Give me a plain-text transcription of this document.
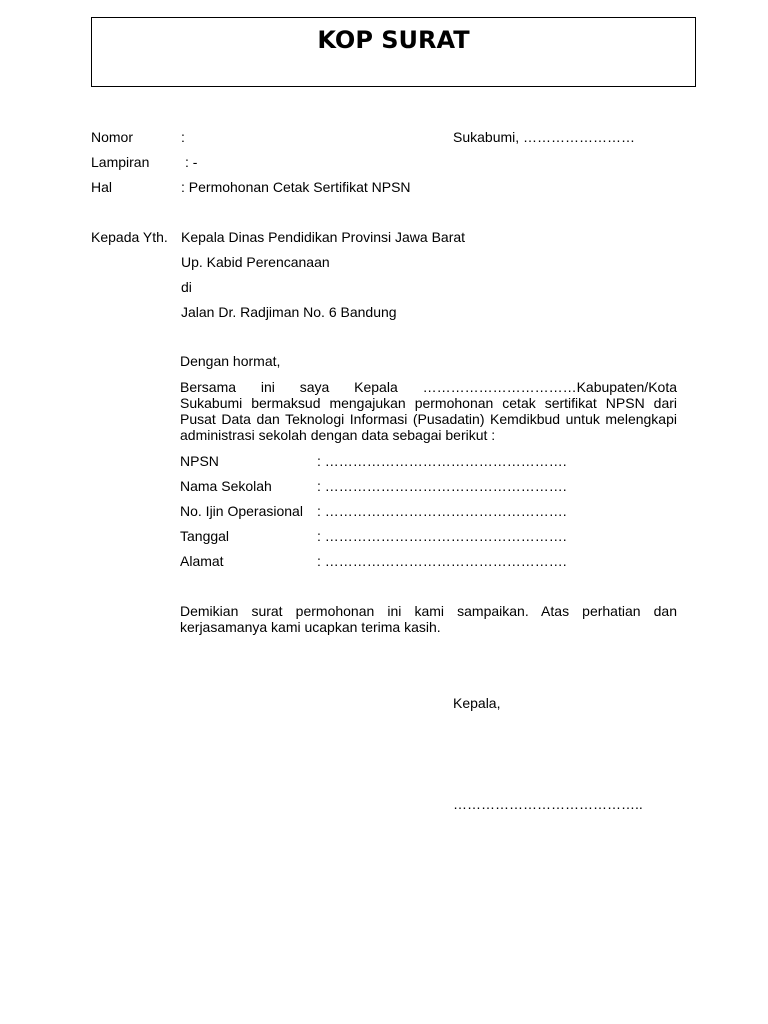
KOP SURAT
Nomor	:	Sukabumi, ……………………
Lampiran	: -
Hal	: Permohonan Cetak Sertifikat NPSN
Kepada Yth. Kepala Dinas Pendidikan Provinsi Jawa Barat
Up. Kabid Perencanaan
di
Jalan Dr. Radjiman No. 6 Bandung
Dengan hormat,
Bersama ini saya Kepala ……………………………Kabupaten/Kota
Sukabumi bermaksud mengajukan permohonan cetak sertifikat NPSN dari Pusat Data dan Teknologi Informasi (Pusadatin) Kemdikbud untuk melengkapi administrasi sekolah dengan data sebagai berikut :
NPSN	: …………………………………………….
Nama Sekolah	: …………………………………………….
No. Ijin Operasional : …………………………………………….
Tanggal	: …………………………………………….
Alamat	: …………………………………………….
Demikian surat permohonan ini kami sampaikan. Atas perhatian dan kerjasamanya kami ucapkan terima kasih.
Kepala,
…………………………………..
